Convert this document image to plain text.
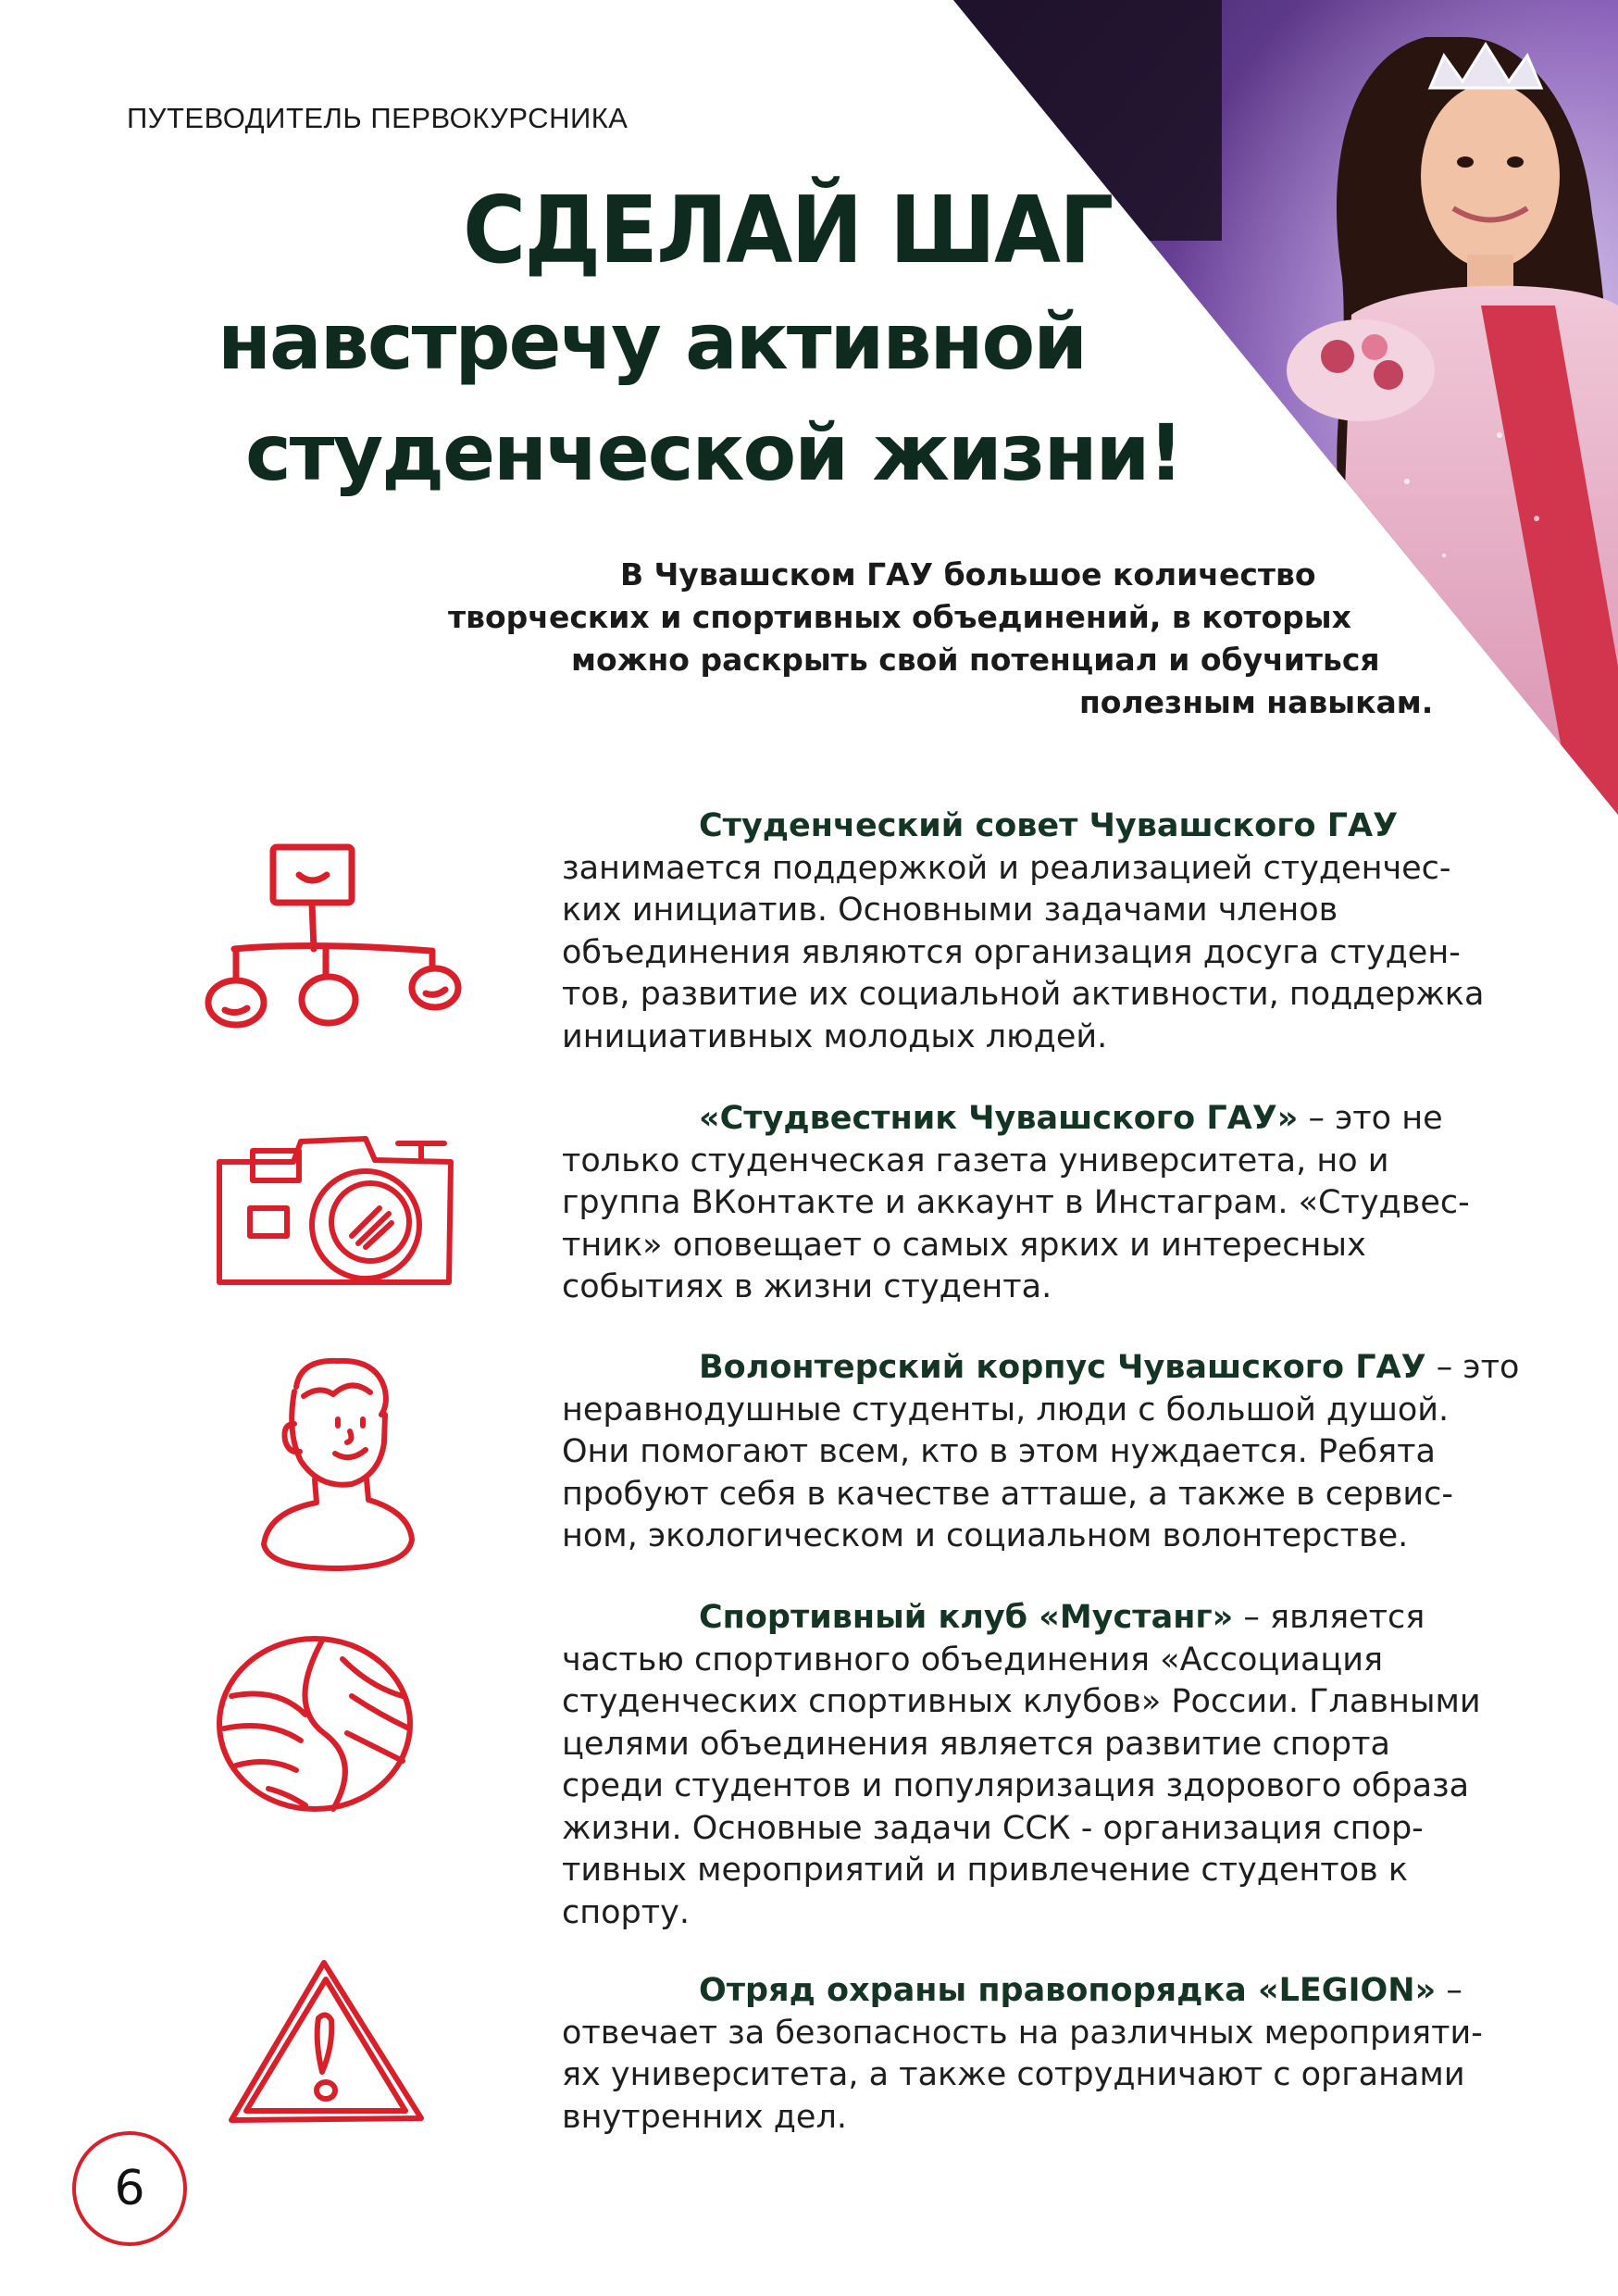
ПУТЕВОДИТЕЛЬ ПЕРВОКУРСНИКА
СДЕЛАЙ ШАГ
навстречу активной
студенческой жизни!
В Чувашском ГАУ большое количество
творческих и спортивных объединений, в которых
можно раскрыть свой потенциал и обучиться
полезным навыкам.
Студенческий совет Чувашского ГАУ
занимается поддержкой и реализацией студенчес-
ких инициатив. Основными задачами членов
объединения являются организация досуга студен-
тов, развитие их социальной активности, поддержка
инициативных молодых людей.
«Студвестник Чувашского ГАУ» – это не
только студенческая газета университета, но и
группа ВКонтакте и аккаунт в Инстаграм. «Студвес-
тник» оповещает о самых ярких и интересных
событиях в жизни студента.
Волонтерский корпус Чувашского ГАУ – это
неравнодушные студенты, люди с большой душой.
Они помогают всем, кто в этом нуждается. Ребята
пробуют себя в качестве атташе, а также в сервис-
ном, экологическом и социальном волонтерстве.
Спортивный клуб «Мустанг» – является
частью спортивного объединения «Ассоциация
студенческих спортивных клубов» России. Главными
целями объединения является развитие спорта
среди студентов и популяризация здорового образа
жизни. Основные задачи ССК - организация спор-
тивных мероприятий и привлечение студентов к
спорту.
Отряд охраны правопорядка «LEGION» –
отвечает за безопасность на различных мероприяти-
ях университета, а также сотрудничают с органами
внутренних дел.
6
